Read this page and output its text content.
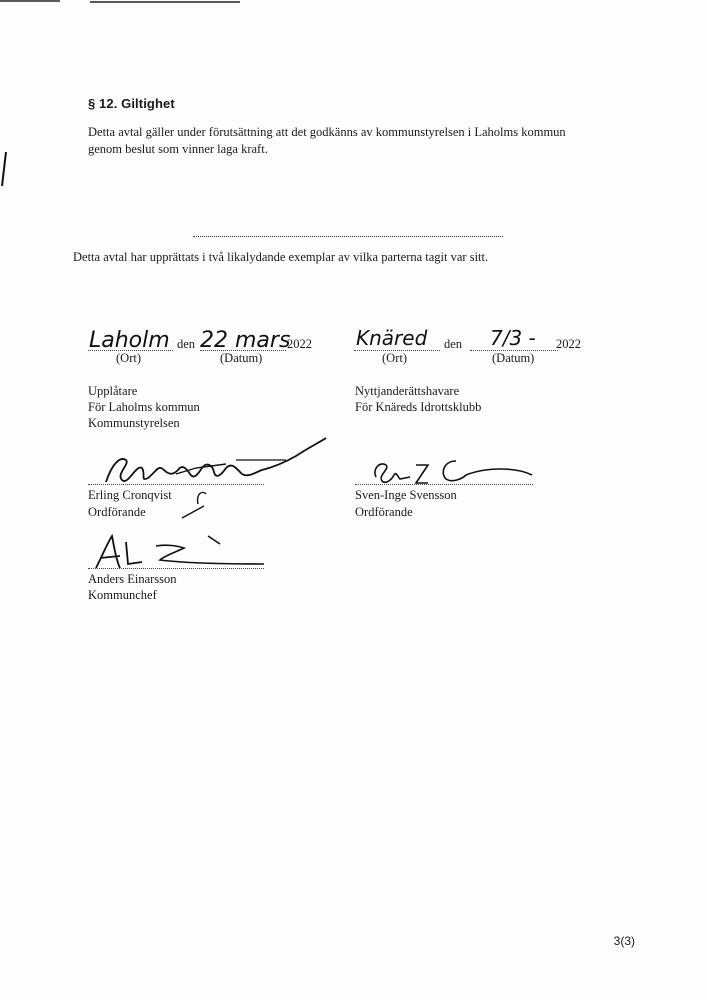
§ 12. Giltighet
Detta avtal gäller under förutsättning att det godkänns av kommunstyrelsen i Laholms kommun genom beslut som vinner laga kraft.
Detta avtal har upprättats i två likalydande exemplar av vilka parterna tagit var sitt.
Laholm den 22 mars
2022
(Ort)	(Datum)
Knäred den 7/3 - 2022
(Ort)	(Datum)
Upplåtare
För Laholms kommun
Kommunstyrelsen
Nyttjanderättshavare
För Knäreds Idrottsklubb
Erling Cronqvist
Ordförande
Sven-Inge Svensson
Ordförande
Anders Einarsson
Kommunchef
3(3)
